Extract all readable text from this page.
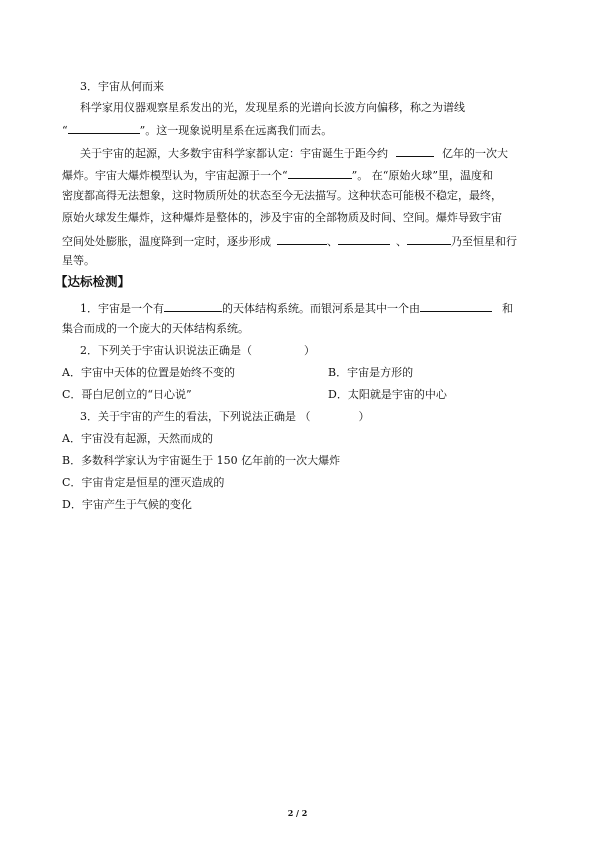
3．宇宙从何而来
科学家用仪器观察星系发出的光，发现星系的光谱向长波方向偏移，称之为谱线
“	”。这一现象说明星系在远离我们而去。
关于宇宙的起源，大多数宇宙科学家都认定：宇宙诞生于距今约	亿年的一次大
爆炸。宇宙大爆炸模型认为，宇宙起源于一个“	”。 在“原始火球”里，温度和
密度都高得无法想象，这时物质所处的状态至今无法描写。这种状态可能极不稳定，最终，
原始火球发生爆炸，这种爆炸是整体的，涉及宇宙的全部物质及时间、空间。爆炸导致宇宙
空间处处膨胀，温度降到一定时，逐步形成	、	、	乃至恒星和行
星等。
【达标检测】
1．宇宙是一个有	的天体结构系统。而银河系是其中一个由	和
集合而成的一个庞大的天体结构系统。
2．下列关于宇宙认识说法正确是（	）
A．宇宙中天体的位置是始终不变的	B．宇宙是方形的
C．哥白尼创立的“日心说”	D．太阳就是宇宙的中心
3．关于宇宙的产生的看法，下列说法正确是 （	）
A．宇宙没有起源，天然而成的
B．多数科学家认为宇宙诞生于 150 亿年前的一次大爆炸
C．宇宙肯定是恒星的湮灭造成的
D．宇宙产生于气候的变化
2 / 2
